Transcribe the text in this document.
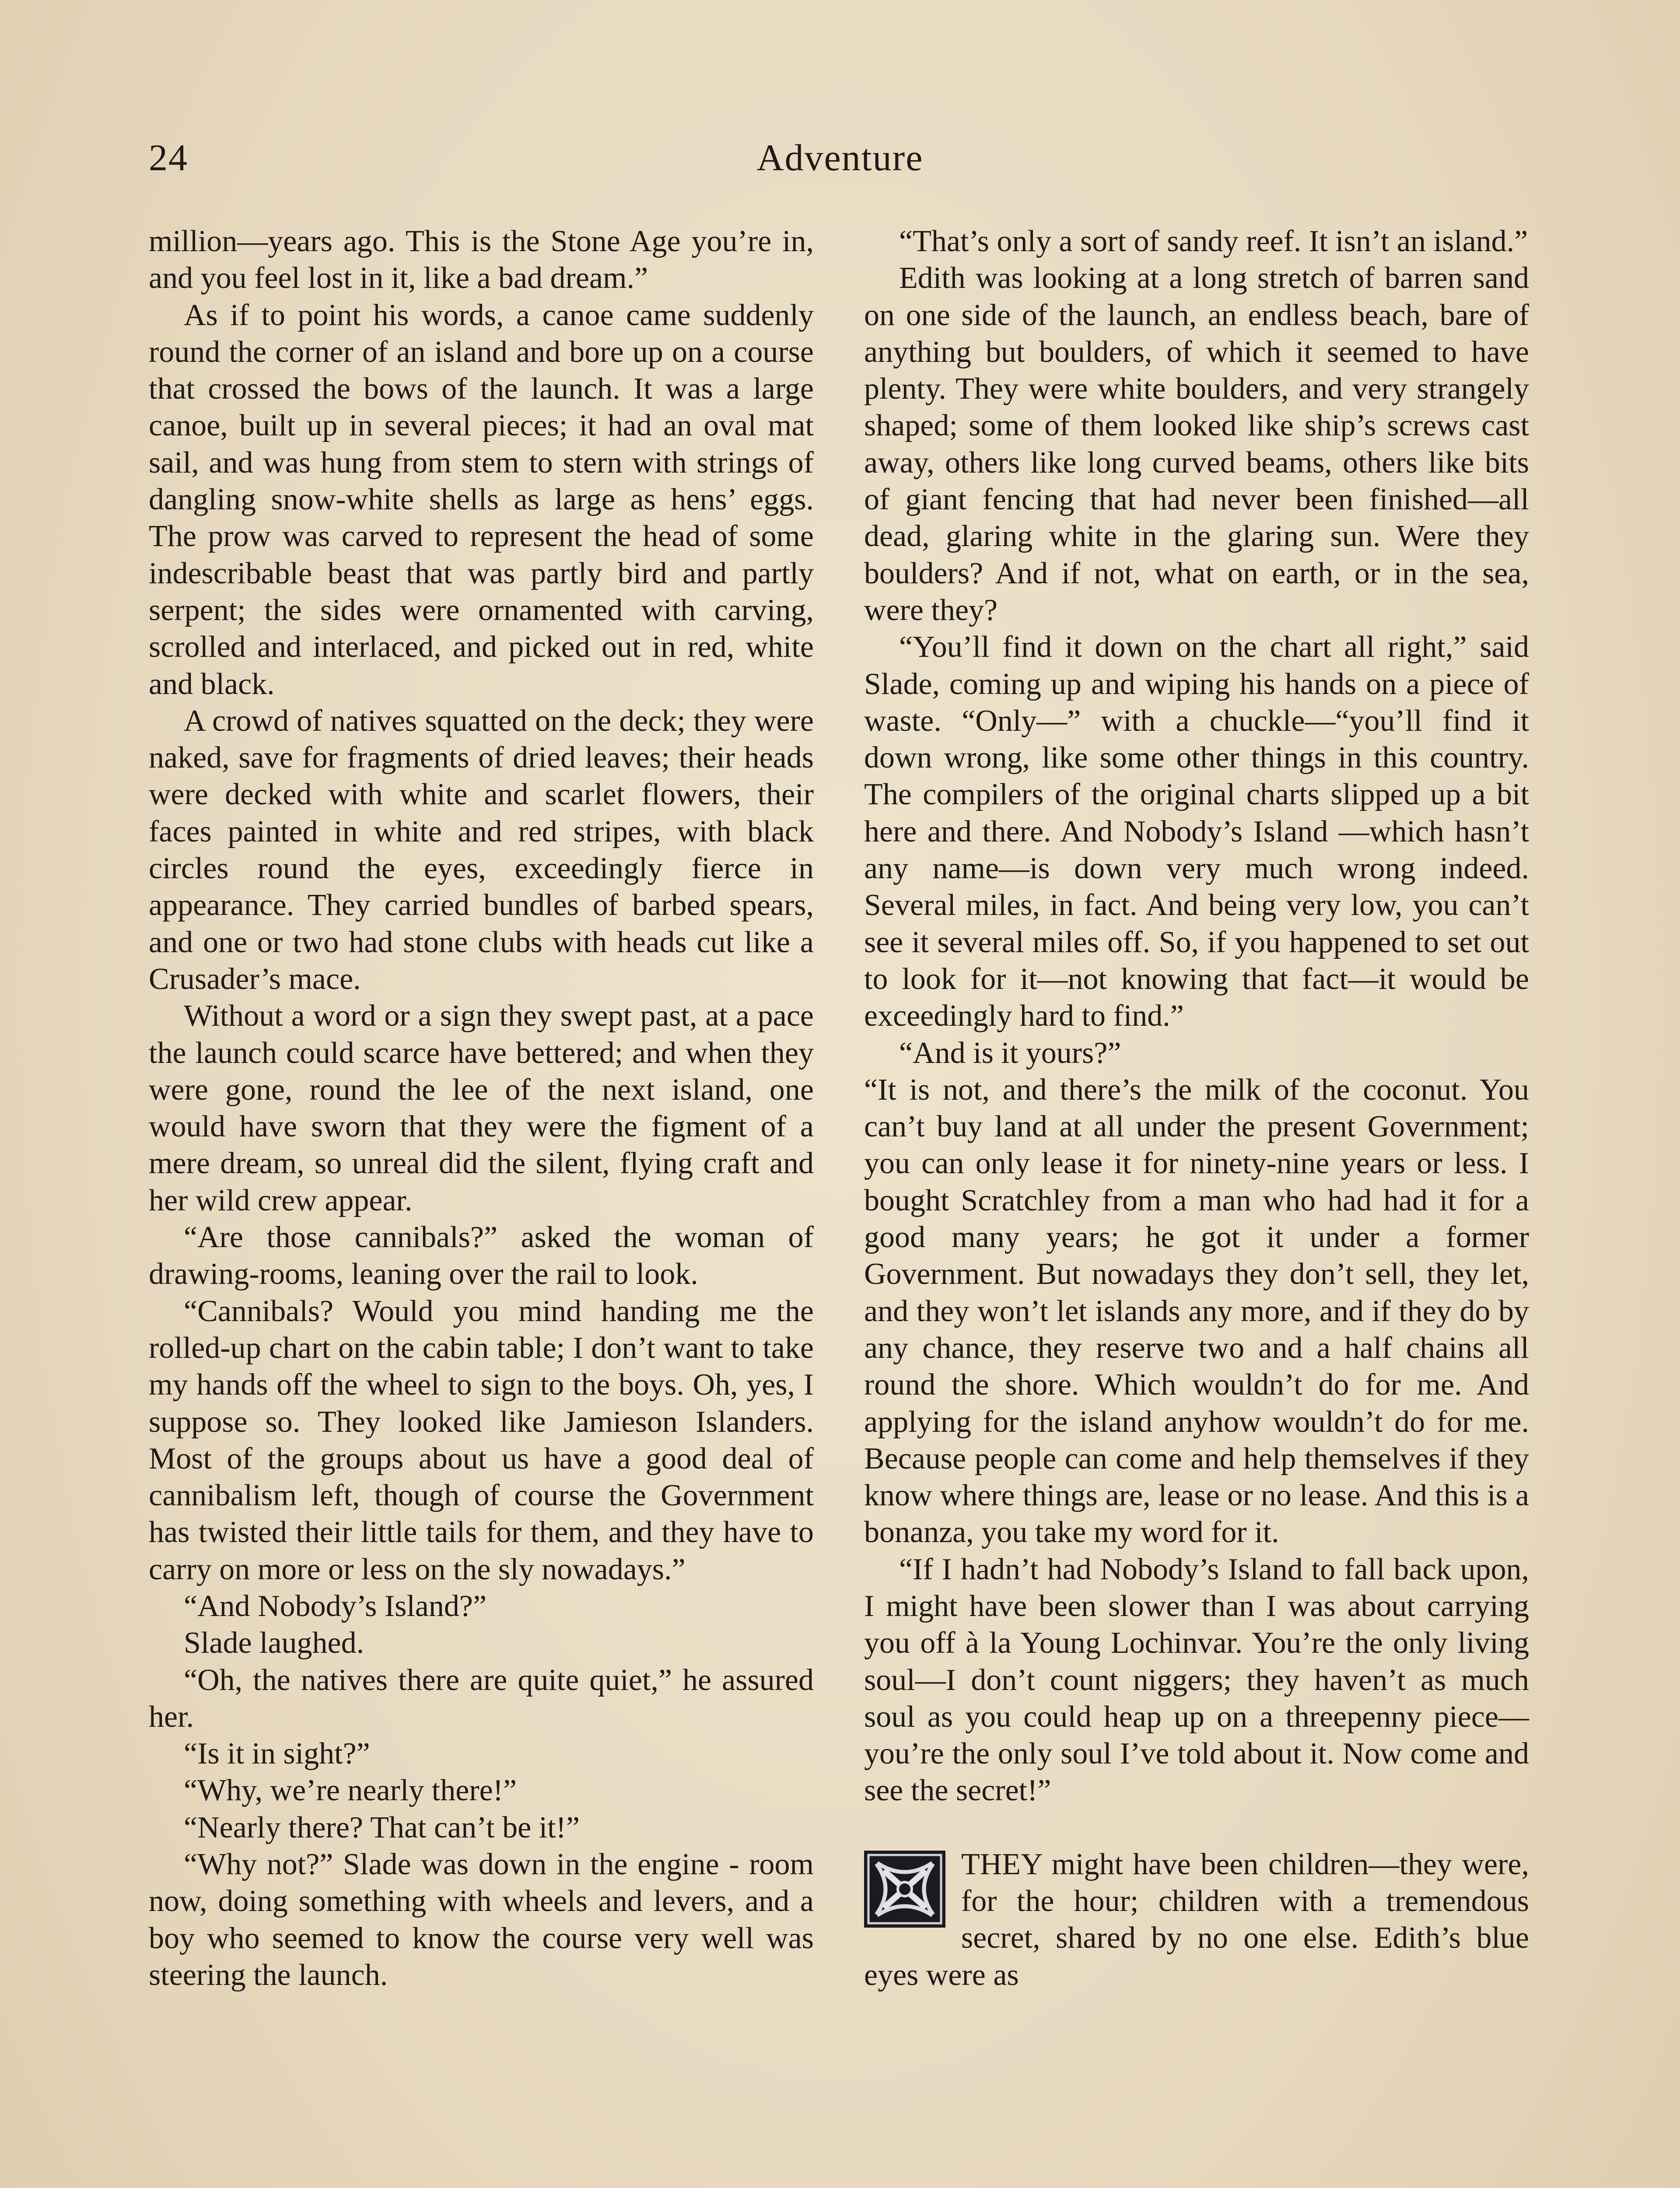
24	Adventure

million—years ago. This is the Stone Age you’re in, and you feel lost in it, like a bad dream.”

As if to point his words, a canoe came suddenly round the corner of an island and bore up on a course that crossed the bows of the launch. It was a large canoe, built up in several pieces; it had an oval mat sail, and was hung from stem to stern with strings of dangling snow-white shells as large as hens’ eggs. The prow was carved to represent the head of some indescribable beast that was partly bird and partly serpent; the sides were ornamented with carving, scrolled and interlaced, and picked out in red, white and black.

A crowd of natives squatted on the deck; they were naked, save for fragments of dried leaves; their heads were decked with white and scarlet flowers, their faces painted in white and red stripes, with black circles round the eyes, exceedingly fierce in appearance. They carried bundles of barbed spears, and one or two had stone clubs with heads cut like a Crusader’s mace.

Without a word or a sign they swept past, at a pace the launch could scarce have bettered; and when they were gone, round the lee of the next island, one would have sworn that they were the figment of a mere dream, so unreal did the silent, flying craft and her wild crew appear.

“Are those cannibals?” asked the woman of drawing-rooms, leaning over the rail to look.

“Cannibals? Would you mind handing me the rolled-up chart on the cabin table; I don’t want to take my hands off the wheel to sign to the boys. Oh, yes, I suppose so. They looked like Jamieson Islanders. Most of the groups about us have a good deal of cannibalism left, though of course the Government has twisted their little tails for them, and they have to carry on more or less on the sly nowadays.”

“And Nobody’s Island?”

Slade laughed.

“Oh, the natives there are quite quiet,” he assured her.

“Is it in sight?”

“Why, we’re nearly there!”

“Nearly there? That can’t be it!”

“Why not?” Slade was down in the engine - room now, doing something with wheels and levers, and a boy who seemed to know the course very well was steering the launch.

“That’s only a sort of sandy reef. It isn’t an island.”

Edith was looking at a long stretch of barren sand on one side of the launch, an endless beach, bare of anything but boulders, of which it seemed to have plenty. They were white boulders, and very strangely shaped; some of them looked like ship’s screws cast away, others like long curved beams, others like bits of giant fencing that had never been finished—all dead, glaring white in the glaring sun. Were they boulders? And if not, what on earth, or in the sea, were they?

“You’ll find it down on the chart all right,” said Slade, coming up and wiping his hands on a piece of waste. “Only—” with a chuckle—“you’ll find it down wrong, like some other things in this country. The compilers of the original charts slipped up a bit here and there. And Nobody’s Island —which hasn’t any name—is down very much wrong indeed. Several miles, in fact. And being very low, you can’t see it several miles off. So, if you happened to set out to look for it—not knowing that fact—it would be exceedingly hard to find.”

“And is it yours?”

“It is not, and there’s the milk of the coconut. You can’t buy land at all under the present Government; you can only lease it for ninety-nine years or less. I bought Scratchley from a man who had had it for a good many years; he got it under a former Government. But nowadays they don’t sell, they let, and they won’t let islands any more, and if they do by any chance, they reserve two and a half chains all round the shore. Which wouldn’t do for me. And applying for the island anyhow wouldn’t do for me. Because people can come and help themselves if they know where things are, lease or no lease. And this is a bonanza, you take my word for it.

“If I hadn’t had Nobody’s Island to fall back upon, I might have been slower than I was about carrying you off à la Young Lochinvar. You’re the only living soul—I don’t count niggers; they haven’t as much soul as you could heap up on a threepenny piece—you’re the only soul I’ve told about it. Now come and see the secret!”

THEY might have been children—they were, for the hour; children with a tremendous secret, shared by no one else. Edith’s blue eyes were as
